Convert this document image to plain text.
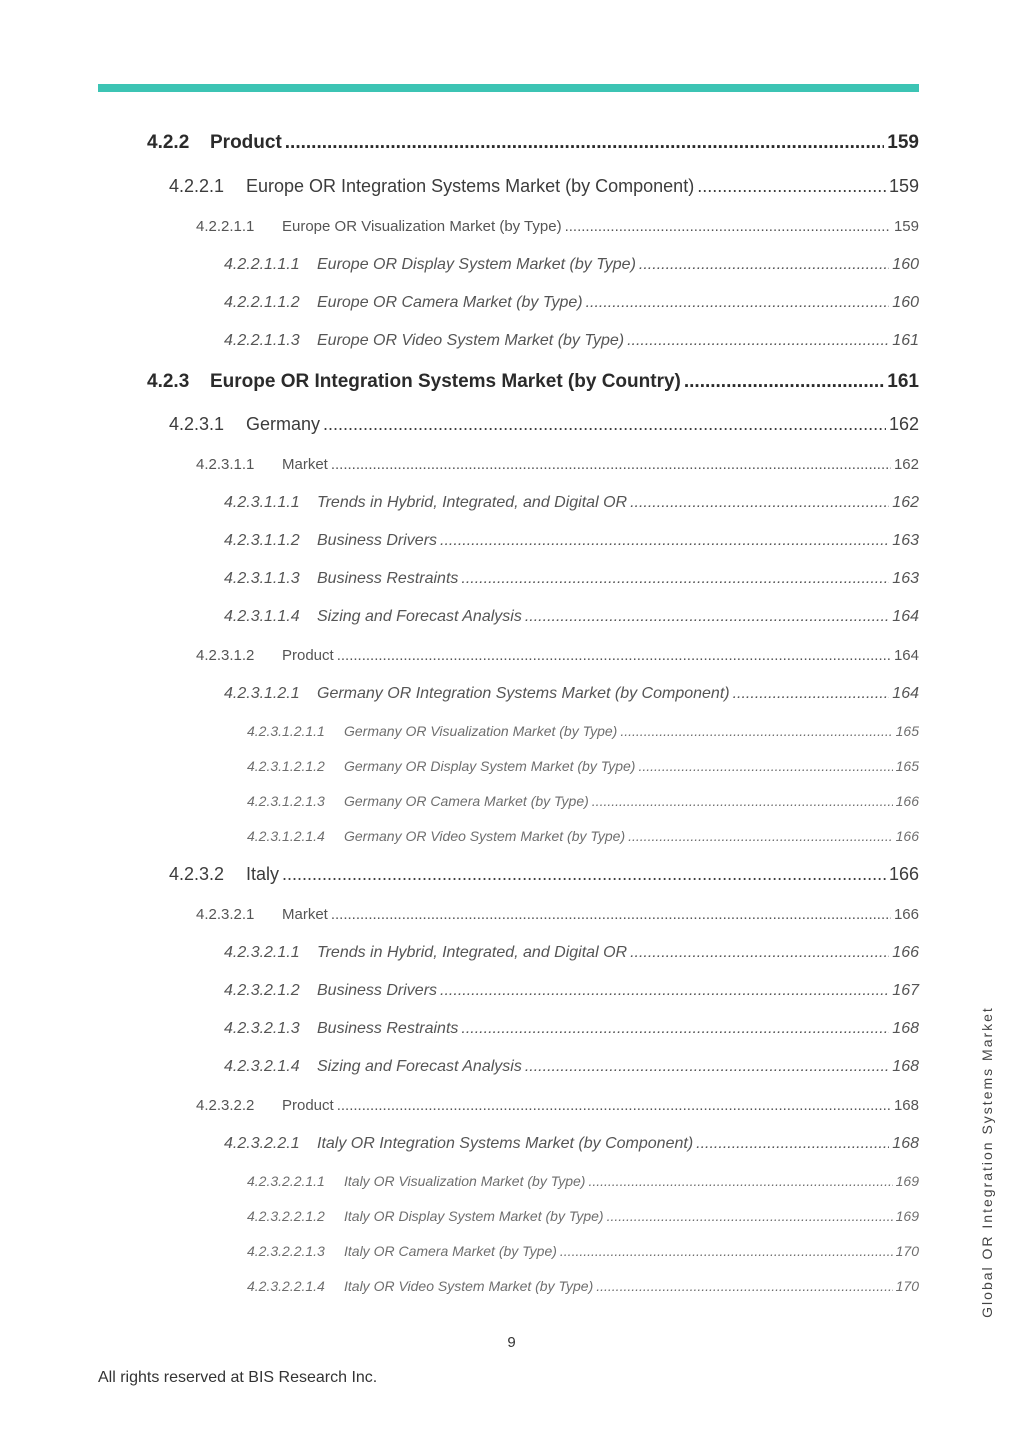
4.2.2	Product .....	159
4.2.2.1	Europe OR Integration Systems Market (by Component) .....	159
4.2.2.1.1	Europe OR Visualization Market (by Type) .....	159
4.2.2.1.1.1	Europe OR Display System Market (by Type) .....	160
4.2.2.1.1.2	Europe OR Camera Market (by Type) .....	160
4.2.2.1.1.3	Europe OR Video System Market (by Type) .....	161
4.2.3	Europe OR Integration Systems Market (by Country) .....	161
4.2.3.1	Germany .....	162
4.2.3.1.1	Market .....	162
4.2.3.1.1.1	Trends in Hybrid, Integrated, and Digital OR .....	162
4.2.3.1.1.2	Business Drivers .....	163
4.2.3.1.1.3	Business Restraints .....	163
4.2.3.1.1.4	Sizing and Forecast Analysis .....	164
4.2.3.1.2	Product .....	164
4.2.3.1.2.1	Germany OR Integration Systems Market (by Component) .....	164
4.2.3.1.2.1.1	Germany OR Visualization Market (by Type) .....	165
4.2.3.1.2.1.2	Germany OR Display System Market (by Type) .....	165
4.2.3.1.2.1.3	Germany OR Camera Market (by Type) .....	166
4.2.3.1.2.1.4	Germany OR Video System Market (by Type) .....	166
4.2.3.2	Italy .....	166
4.2.3.2.1	Market .....	166
4.2.3.2.1.1	Trends in Hybrid, Integrated, and Digital OR .....	166
4.2.3.2.1.2	Business Drivers .....	167
4.2.3.2.1.3	Business Restraints .....	168
4.2.3.2.1.4	Sizing and Forecast Analysis .....	168
4.2.3.2.2	Product .....	168
4.2.3.2.2.1	Italy OR Integration Systems Market (by Component) .....	168
4.2.3.2.2.1.1	Italy OR Visualization Market (by Type) .....	169
4.2.3.2.2.1.2	Italy OR Display System Market (by Type) .....	169
4.2.3.2.2.1.3	Italy OR Camera Market (by Type) .....	170
4.2.3.2.2.1.4	Italy OR Video System Market (by Type) .....	170
9
All rights reserved at BIS Research Inc.
Global OR Integration Systems Market
